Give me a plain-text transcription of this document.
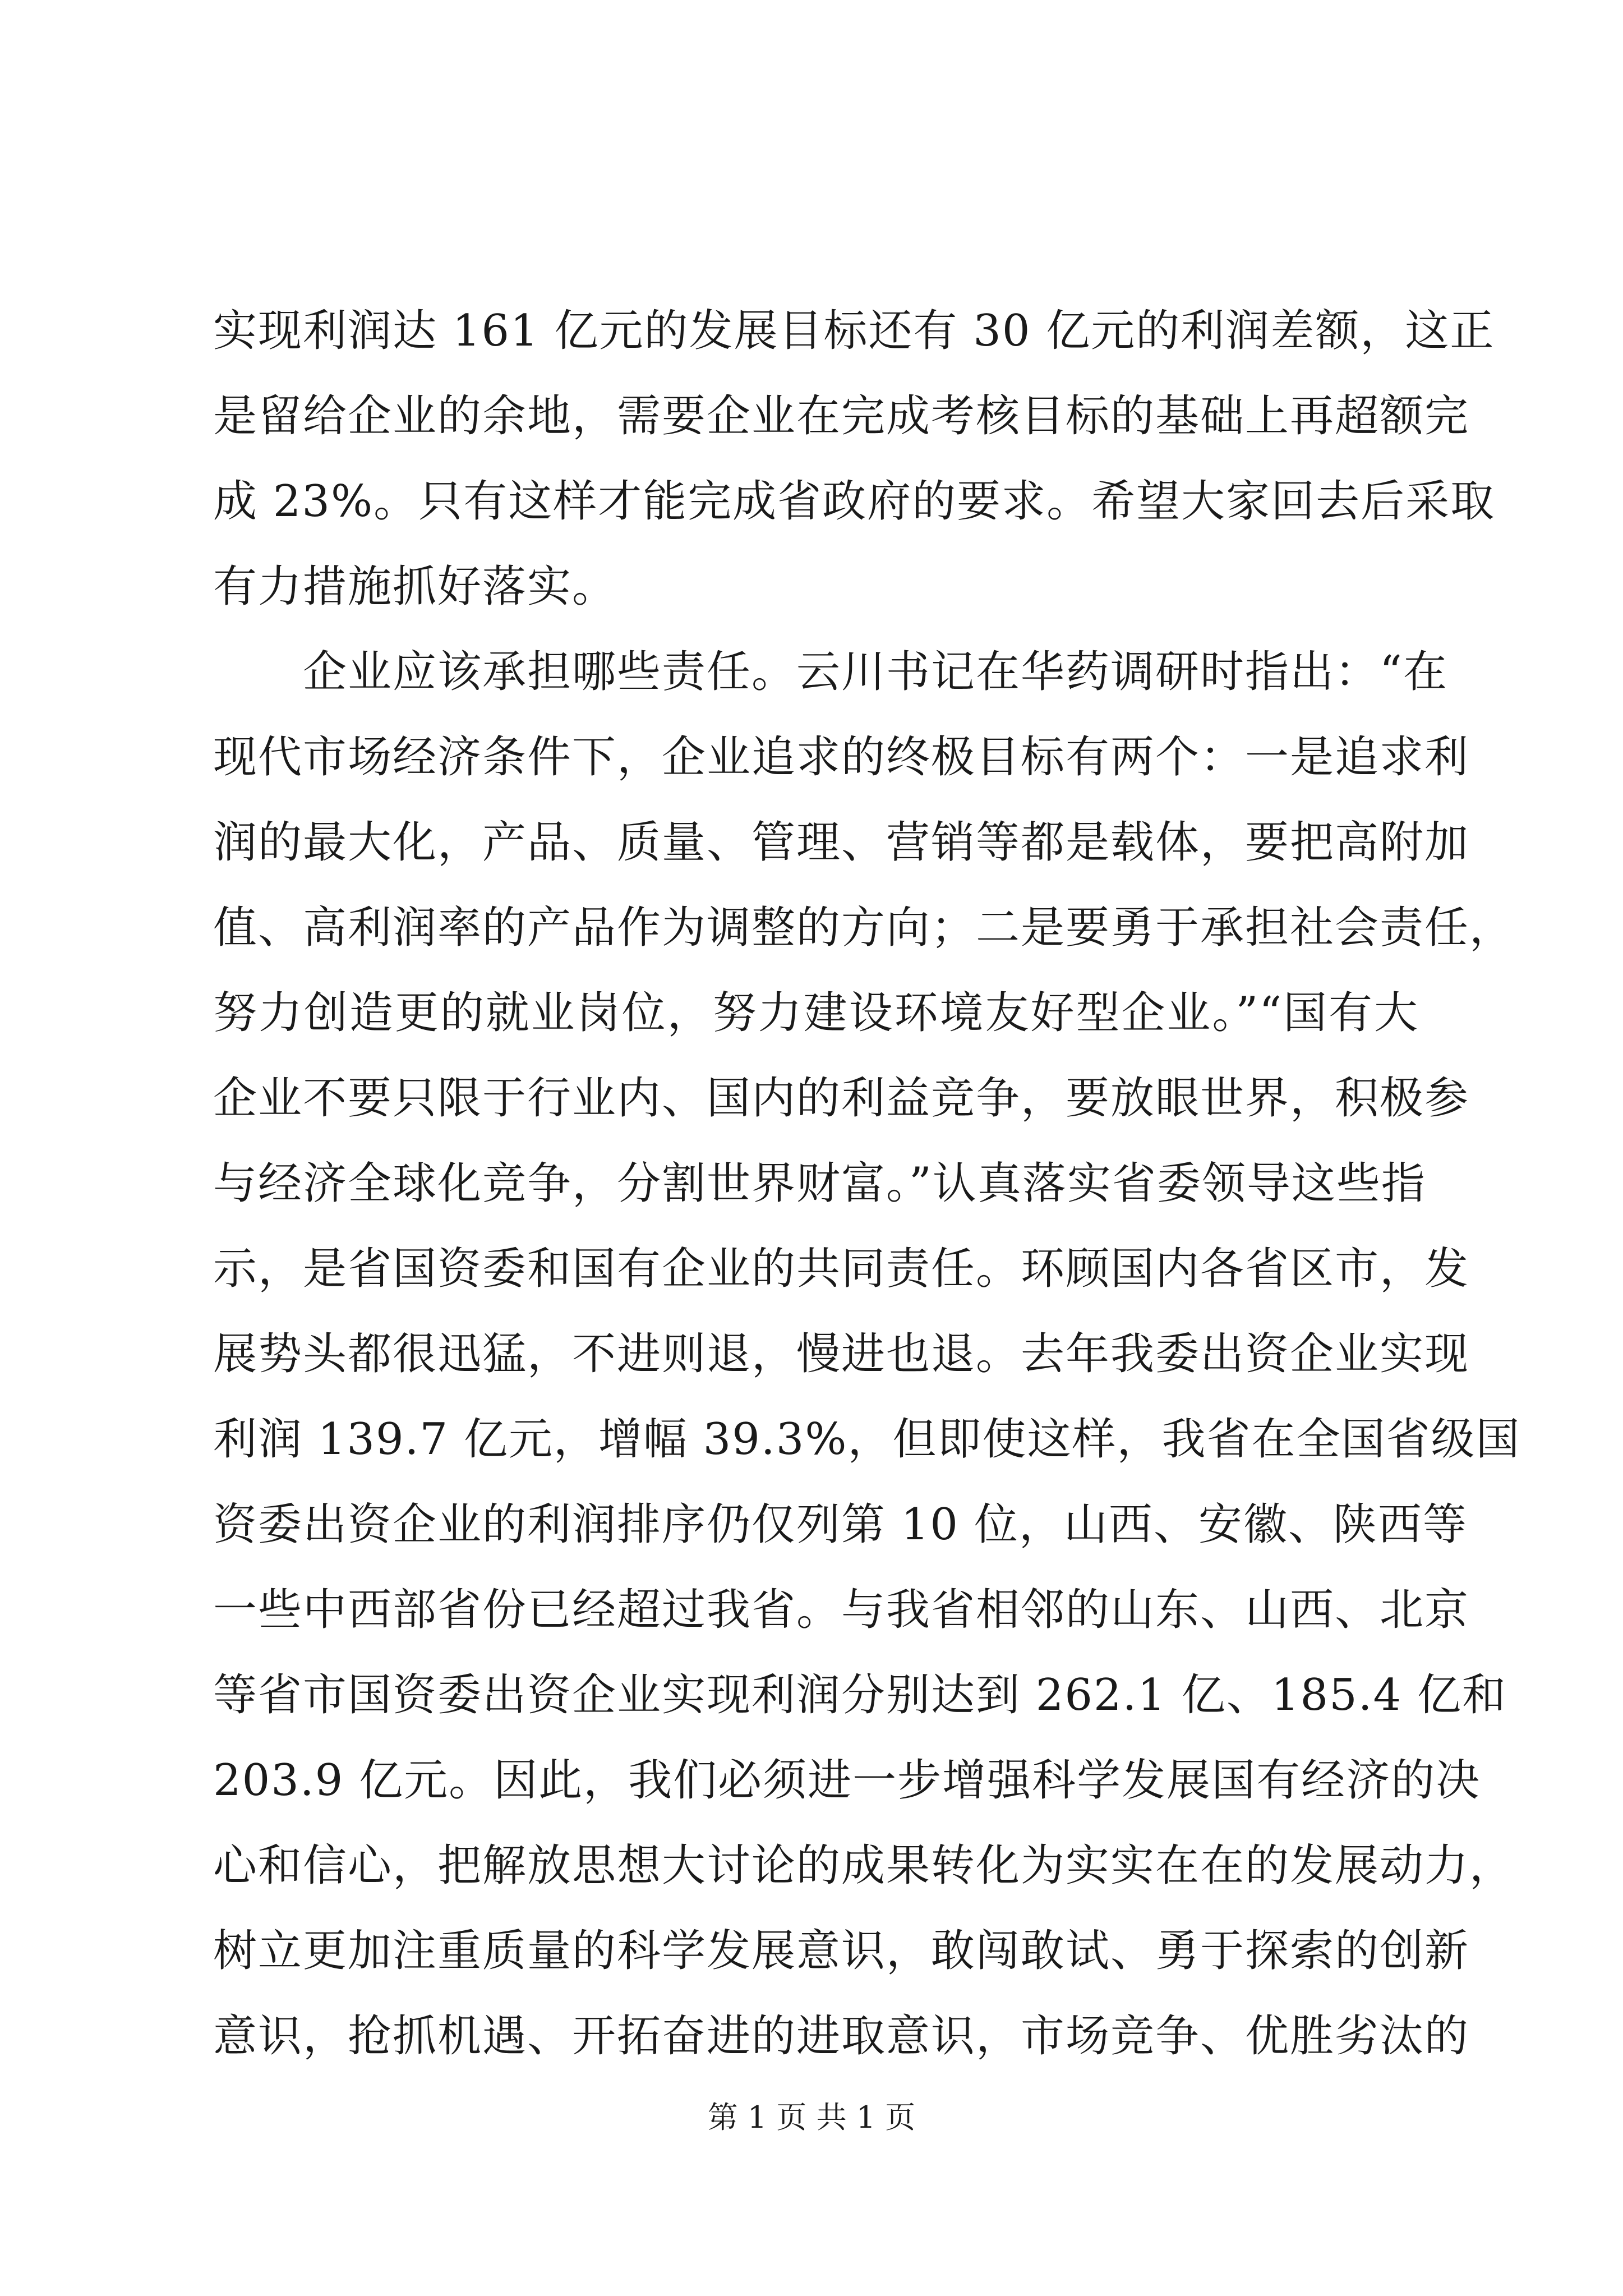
实现利润达 161 亿元的发展目标还有 30 亿元的利润差额，这正
是留给企业的余地，需要企业在完成考核目标的基础上再超额完
成 23%。只有这样才能完成省政府的要求。希望大家回去后采取
有力措施抓好落实。
企业应该承担哪些责任。云川书记在华药调研时指出：“在
现代市场经济条件下，企业追求的终极目标有两个：一是追求利
润的最大化，产品、质量、管理、营销等都是载体，要把高附加
值、高利润率的产品作为调整的方向；二是要勇于承担社会责任，
努力创造更的就业岗位，努力建设环境友好型企业。”“国有大
企业不要只限于行业内、国内的利益竞争，要放眼世界，积极参
与经济全球化竞争，分割世界财富。”认真落实省委领导这些指
示，是省国资委和国有企业的共同责任。环顾国内各省区市，发
展势头都很迅猛，不进则退，慢进也退。去年我委出资企业实现
利润 139.7 亿元，增幅 39.3%，但即使这样，我省在全国省级国
资委出资企业的利润排序仍仅列第 10 位，山西、安徽、陕西等
一些中西部省份已经超过我省。与我省相邻的山东、山西、北京
等省市国资委出资企业实现利润分别达到 262.1 亿、185.4 亿和
203.9 亿元。因此，我们必须进一步增强科学发展国有经济的决
心和信心，把解放思想大讨论的成果转化为实实在在的发展动力，
树立更加注重质量的科学发展意识，敢闯敢试、勇于探索的创新
意识，抢抓机遇、开拓奋进的进取意识，市场竞争、优胜劣汰的
第 1 页 共 1 页
